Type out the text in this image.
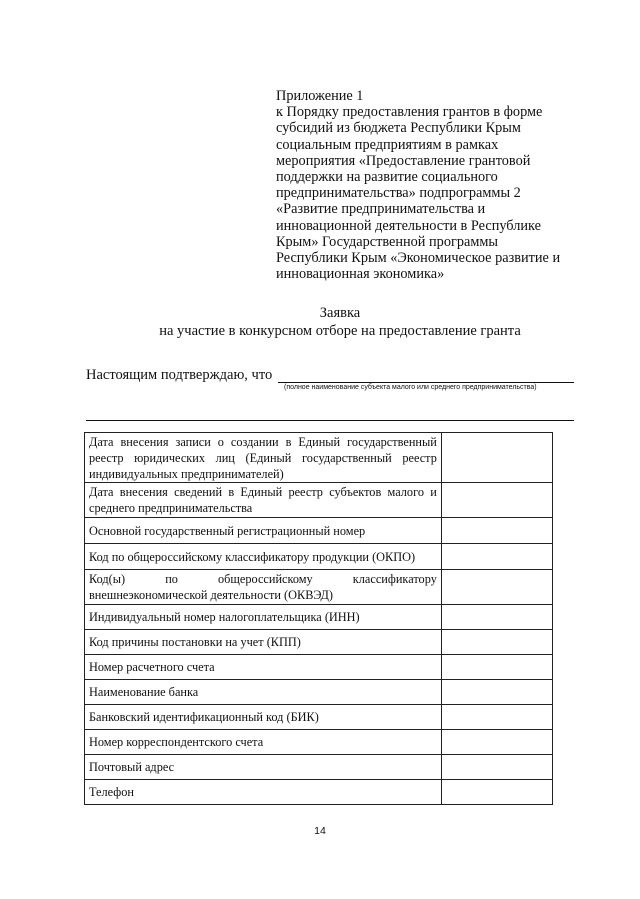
Приложение 1
к Порядку предоставления грантов в форме
субсидий из бюджета Республики Крым
социальным предприятиям в рамках
мероприятия «Предоставление грантовой
поддержки на развитие социального
предпринимательства» подпрограммы 2
«Развитие предпринимательства и
инновационной деятельности в Республике
Крым» Государственной программы
Республики Крым «Экономическое развитие и
инновационная экономика»
Заявка
на участие в конкурсном отборе на предоставление гранта
Настоящим подтверждаю, что
(полное наименование субъекта малого или среднего предпринимательства)
Дата внесения записи о создании в Единый государственный реестр юридических лиц (Единый государственный реестр индивидуальных предпринимателей)	
Дата внесения сведений в Единый реестр субъектов малого и среднего предпринимательства	
Основной государственный регистрационный номер	
Код по общероссийскому классификатору продукции (ОКПО)	
Код(ы) по общероссийскому классификатору внешнеэкономической деятельности (ОКВЭД)	
Индивидуальный номер налогоплательщика (ИНН)	
Код причины постановки на учет (КПП)	
Номер расчетного счета	
Наименование банка	
Банковский идентификационный код (БИК)	
Номер корреспондентского счета	
Почтовый адрес	
Телефон	
14
